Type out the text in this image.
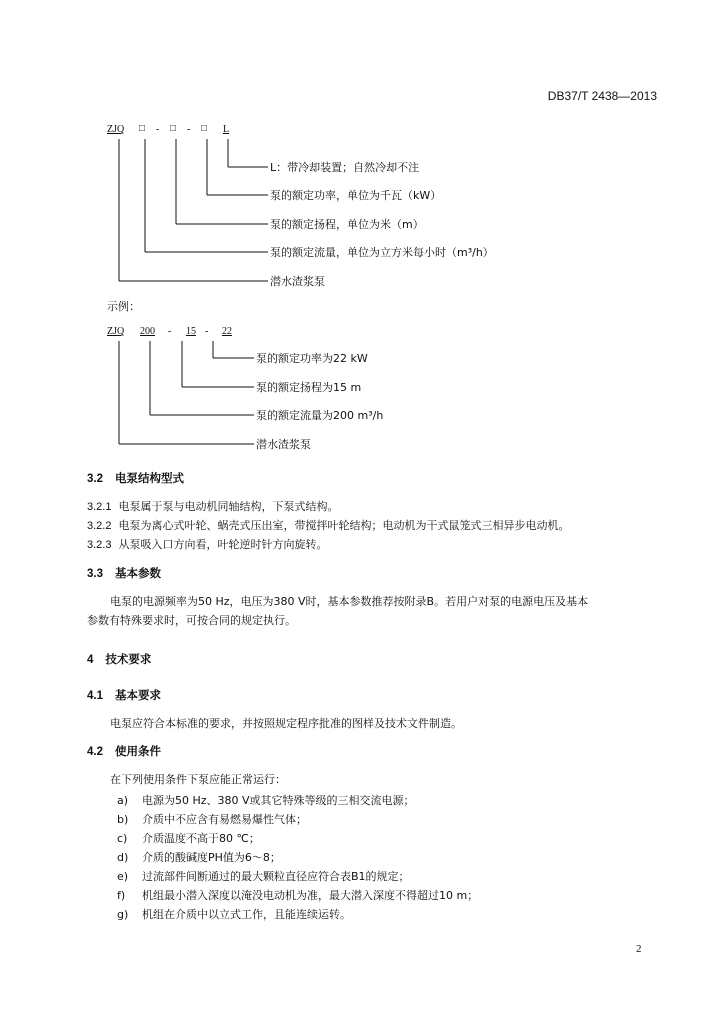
DB37/T 2438—2013
ZJQ □ - □ - □ L
L：带冷却装置；自然冷却不注
泵的额定功率，单位为千瓦（kW）
泵的额定扬程，单位为米（m）
泵的额定流量，单位为立方米每小时（m³/h）
潜水渣浆泵
示例：
ZJQ 200 - 15 - 22
泵的额定功率为22 kW
泵的额定扬程为15 m
泵的额定流量为200 m³/h
潜水渣浆泵
3.2 电泵结构型式
3.2.1 电泵属于泵与电动机同轴结构，下泵式结构。
3.2.2 电泵为离心式叶轮、蜗壳式压出室，带搅拌叶轮结构；电动机为干式鼠笼式三相异步电动机。
3.2.3 从泵吸入口方向看，叶轮逆时针方向旋转。
3.3 基本参数
电泵的电源频率为50 Hz，电压为380 V时，基本参数推荐按附录B。若用户对泵的电源电压及基本
参数有特殊要求时，可按合同的规定执行。
4 技术要求
4.1 基本要求
电泵应符合本标准的要求，并按照规定程序批准的图样及技术文件制造。
4.2 使用条件
在下列使用条件下泵应能正常运行：
a) 电源为50 Hz、380 V或其它特殊等级的三相交流电源；
b) 介质中不应含有易燃易爆性气体；
c) 介质温度不高于80 ℃；
d) 介质的酸碱度PH值为6～8；
e) 过流部件间断通过的最大颗粒直径应符合表B1的规定；
f) 机组最小潜入深度以淹没电动机为准，最大潜入深度不得超过10 m；
g) 机组在介质中以立式工作，且能连续运转。
2
